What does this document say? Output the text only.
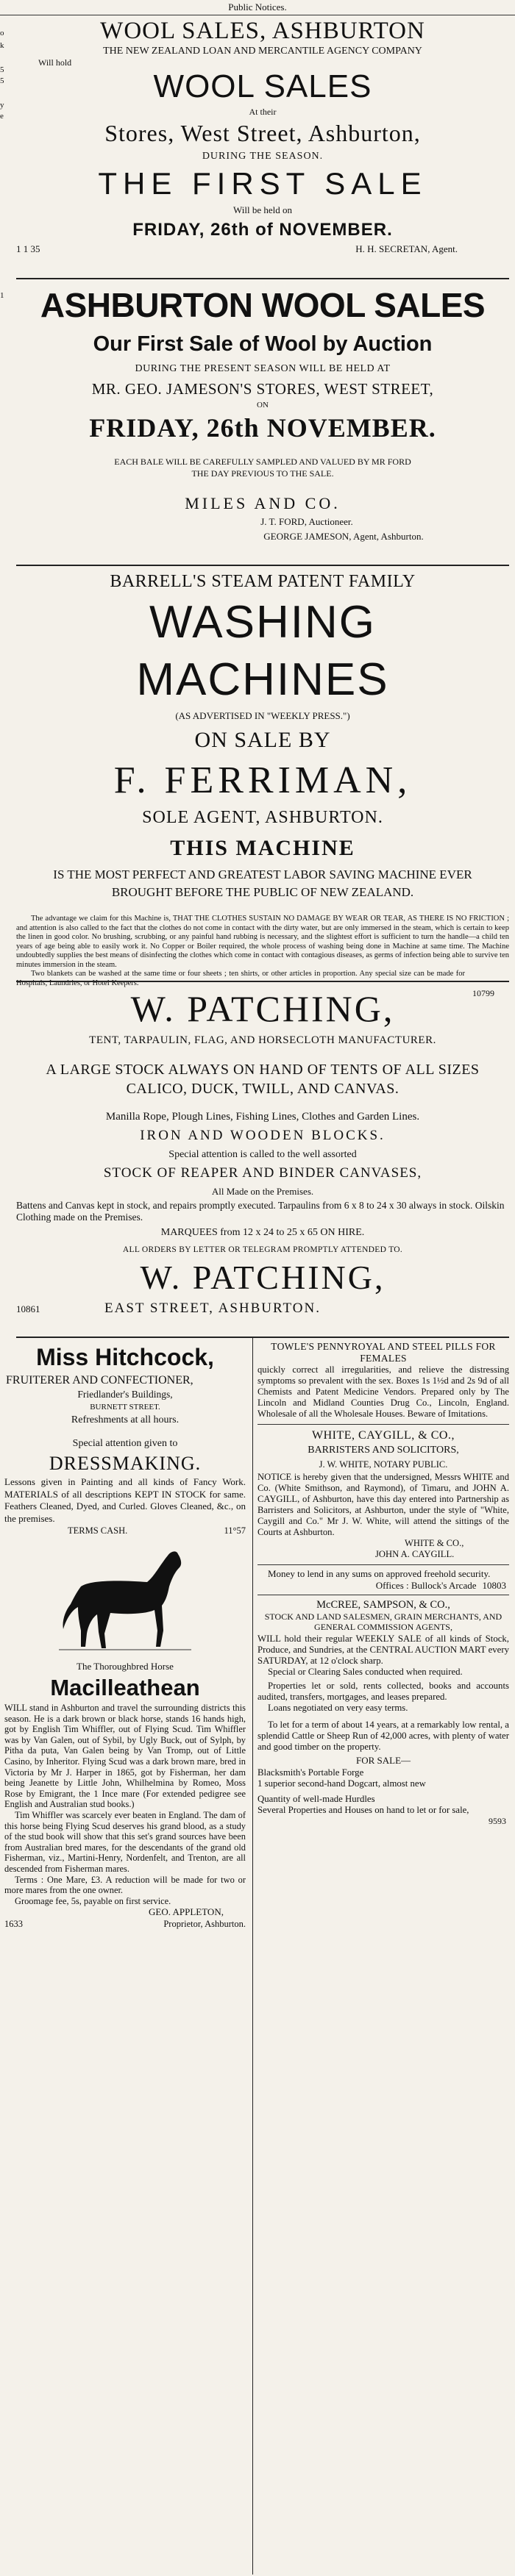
Public Notices.
o
k
5
5
y
e
1
WOOL SALES, ASHBURTON
THE NEW ZEALAND LOAN AND MERCANTILE AGENCY COMPANY
Will hold
WOOL SALES
At their
Stores, West Street, Ashburton,
DURING THE SEASON.
THE FIRST SALE
Will be held on
FRIDAY, 26th of NOVEMBER.
1 1 35	H. H. SECRETAN, Agent.
ASHBURTON WOOL SALES
Our First Sale of Wool by Auction
DURING THE PRESENT SEASON WILL BE HELD AT
MR. GEO. JAMESON'S STORES, WEST STREET,
ON
FRIDAY, 26th NOVEMBER.
EACH BALE WILL BE CAREFULLY SAMPLED AND VALUED BY MR FORD
THE DAY PREVIOUS TO THE SALE.
MILES AND CO.
J. T. FORD, Auctioneer.
GEORGE JAMESON, Agent, Ashburton.
BARRELL'S STEAM PATENT FAMILY
WASHING MACHINES
(AS ADVERTISED IN "WEEKLY PRESS.")
ON SALE BY
F. FERRIMAN,
SOLE AGENT, ASHBURTON.
THIS MACHINE
IS THE MOST PERFECT AND GREATEST LABOR SAVING MACHINE EVER
BROUGHT BEFORE THE PUBLIC OF NEW ZEALAND.
The advantage we claim for this Machine is, THAT THE CLOTHES SUSTAIN NO DAMAGE BY WEAR OR TEAR, AS THERE IS NO FRICTION ; and attention is also called to the fact that the clothes do not come in contact with the dirty water, but are only immersed in the steam, which is certain to keep the linen in good color. No brushing, scrubbing, or any painful hand rubbing is necessary, and the slightest effort is sufficient to turn the handle—a child ten years of age being able to easily work it. No Copper or Boiler required, the whole process of washing being done in Machine at same time. The Machine undoubtedly supplies the best means of disinfecting the clothes which come in contact with contagious diseases, as germs of infection being able to survive ten minutes immersion in the steam.
Two blankets can be washed at the same time or four sheets ; ten shirts, or other articles in proportion. Any special size can be made for Hospitals, Laundries, or Hotel Keepers.
10799
W. PATCHING,
TENT, TARPAULIN, FLAG, AND HORSECLOTH MANUFACTURER.
A LARGE STOCK ALWAYS ON HAND OF TENTS OF ALL SIZES
CALICO, DUCK, TWILL, AND CANVAS.
Manilla Rope, Plough Lines, Fishing Lines, Clothes and Garden Lines.
IRON AND WOODEN BLOCKS.
Special attention is called to the well assorted
STOCK OF REAPER AND BINDER CANVASES,
All Made on the Premises.
Battens and Canvas kept in stock, and repairs promptly executed. Tarpaulins from 6 x 8 to 24 x 30 always in stock. Oilskin Clothing made on the Premises.
MARQUEES from 12 x 24 to 25 x 65 ON HIRE.
ALL ORDERS BY LETTER OR TELEGRAM PROMPTLY ATTENDED TO.
W. PATCHING,
10861	EAST STREET, ASHBURTON.
Miss Hitchcock,
FRUITERER AND CONFECTIONER,
Friedlander's Buildings,
BURNETT STREET.
Refreshments at all hours.
Special attention given to
DRESSMAKING.
Lessons given in Painting and all kinds of Fancy Work. MATERIALS of all descriptions KEPT IN STOCK for same. Feathers Cleaned, Dyed, and Curled. Gloves Cleaned, &c., on the premises.
TERMS CASH.	11°57
The Thoroughbred Horse
Macilleathean
WILL stand in Ashburton and travel the surrounding districts this season. He is a dark brown or black horse, stands 16 hands high, got by English Tim Whiffler, out of Flying Scud. Tim Whiffler was by Van Galen, out of Sybil, by Ugly Buck, out of Sylph, by Pitha da puta, Van Galen being by Van Tromp, out of Little Casino, by Inheritor. Flying Scud was a dark brown mare, bred in Victoria by Mr J. Harper in 1865, got by Fisherman, her dam being Jeanette by Little John, Whilhelmina by Romeo, Moss Rose by Emigrant, the 1 Ince mare (For extended pedigree see English and Australian stud books.)
Tim Whiffler was scarcely ever beaten in England. The dam of this horse being Flying Scud deserves his grand blood, as a study of the stud book will show that this set's grand sources have been from Australian bred mares, for the descendants of the grand old Fisherman, viz., Martini-Henry, Nordenfelt, and Trenton, are all descended from Fisherman mares.
Terms : One Mare, £3. A reduction will be made for two or more mares from the one owner.
Groomage fee, 5s, payable on first service.
GEO. APPLETON,
1633	Proprietor, Ashburton.
TOWLE'S PENNYROYAL AND STEEL PILLS FOR FEMALES
quickly correct all irregularities, and relieve the distressing symptoms so prevalent with the sex. Boxes 1s 1½d and 2s 9d of all Chemists and Patent Medicine Vendors. Prepared only by The Lincoln and Midland Counties Drug Co., Lincoln, England. Wholesale of all the Wholesale Houses. Beware of Imitations.
WHITE, CAYGILL, & CO.,
BARRISTERS AND SOLICITORS,
J. W. WHITE, NOTARY PUBLIC.
NOTICE is hereby given that the undersigned, Messrs WHITE and Co. (White Smithson, and Raymond), of Timaru, and JOHN A. CAYGILL, of Ashburton, have this day entered into Partnership as Barristers and Solicitors, at Ashburton, under the style of "White, Caygill and Co." Mr J. W. White, will attend the sittings of the Courts at Ashburton.
WHITE & CO.,
JOHN A. CAYGILL.
Money to lend in any sums on approved freehold security.
Offices : Bullock's Arcade 10803
McCREE, SAMPSON, & CO.,
STOCK AND LAND SALESMEN, GRAIN MERCHANTS, AND GENERAL COMMISSION AGENTS,
WILL hold their regular WEEKLY SALE of all kinds of Stock, Produce, and Sundries, at the CENTRAL AUCTION MART every SATURDAY, at 12 o'clock sharp.
Special or Clearing Sales conducted when required.
Properties let or sold, rents collected, books and accounts audited, transfers, mortgages, and leases prepared.
Loans negotiated on very easy terms.
To let for a term of about 14 years, at a remarkably low rental, a splendid Cattle or Sheep Run of 42,000 acres, with plenty of water and good timber on the property.
FOR SALE—
Blacksmith's Portable Forge
1 superior second-hand Dogcart, almost new
Quantity of well-made Hurdles
Several Properties and Houses on hand to let or for sale,
9593
